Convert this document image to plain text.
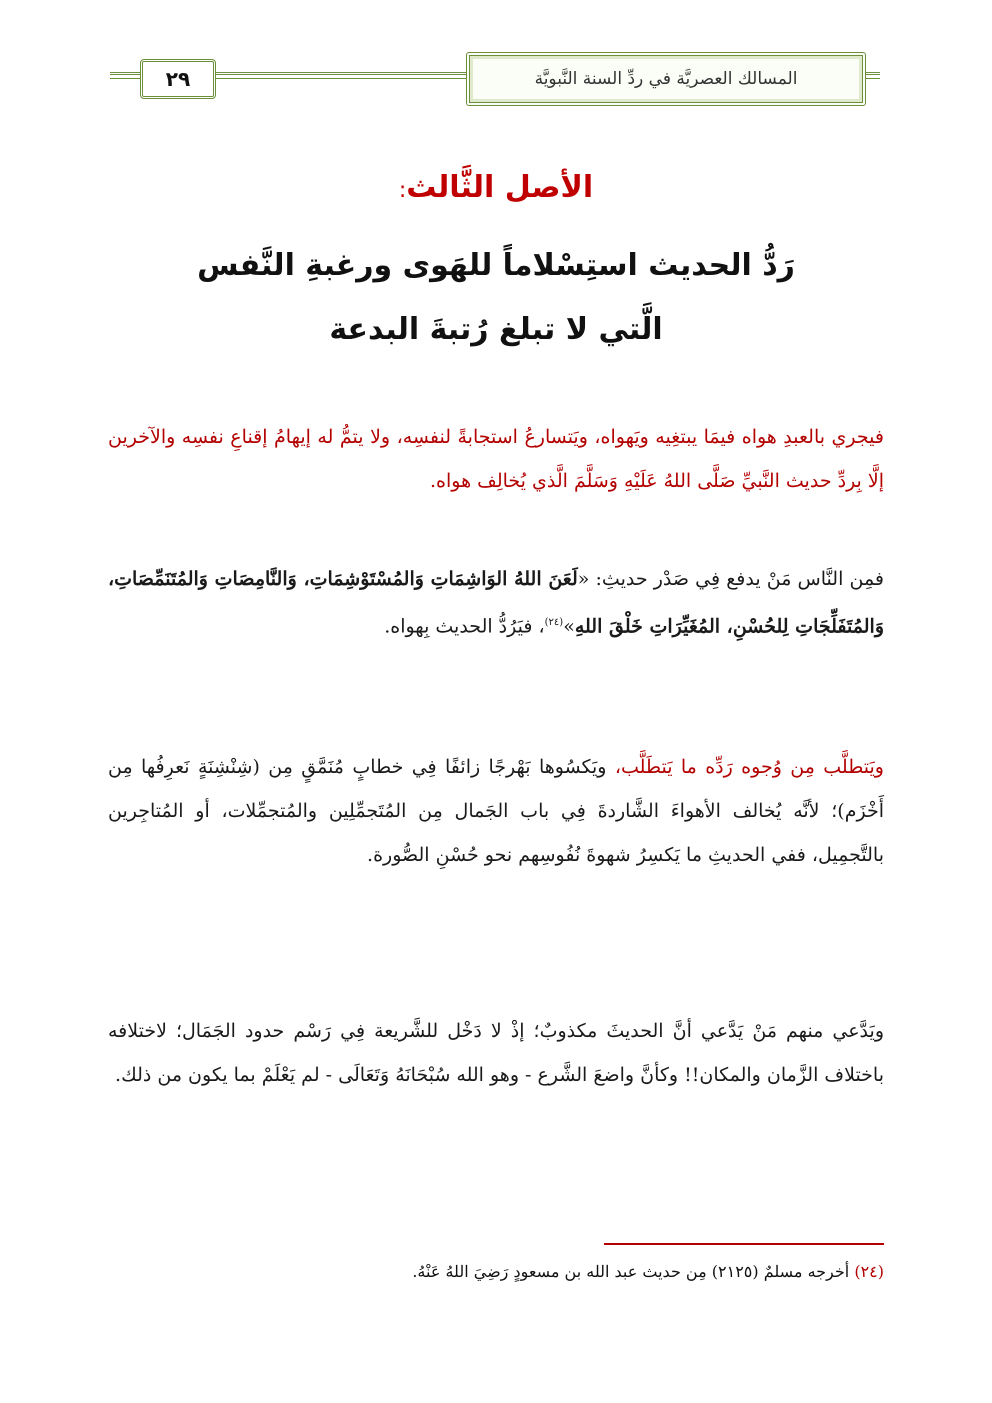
٢٩	المسالك العصريَّة في ردِّ السنة النَّبويَّة
الأصل الثَّالث:
رَدُّ الحديث استِسْلاماً للهَوى ورغبةِ النَّفس
الَّتي لا تبلغ رُتبةَ البدعة
فيجري بالعبدِ هواه فيمَا يبتغِيه ويَهواه، ويَتسارعُ استجابةً لنفسِه، ولا يتمُّ له إيهامُ إقناعِ نفسِه والآخرين إلَّا بِردِّ حديث النَّبيِّ صَلَّى اللهُ عَلَيْهِ وَسَلَّمَ الَّذي يُخالِف هواه.
فمِن النَّاس مَنْ يدفع فِي صَدْر حديثِ: «لَعَنَ اللهُ الوَاشِمَاتِ وَالمُسْتَوْشِمَاتِ، وَالنَّامِصَاتِ وَالمُتَنَمِّصَاتِ، وَالمُتَفَلِّجَاتِ لِلحُسْنِ، المُغَيِّرَاتِ خَلْقَ اللهِ»$^{(٢٤)}$، فيَرُدُّ الحديث بِهواه.
ويَتطلَّب مِن وُجوه رَدِّه ما يَتطَلَّب، ويَكسُوها بَهْرجًا زائفًا فِي خطابٍ مُنَمَّقٍ مِن (شِنْشِنَةٍ نَعرِفُها مِن أَخْزَم)؛ لأنَّه يُخالف الأهواءَ الشَّاردةَ فِي باب الجَمال مِن المُتَجمِّلِين والمُتجمِّلات، أو المُتاجِرين بالتَّجمِيل، ففي الحديثِ ما يَكسِرُ شهوةَ نُفُوسِهم نحو حُسْنِ الصُّورة.
ويَدَّعي منهم مَنْ يَدَّعي أنَّ الحديثَ مكذوبٌ؛ إذْ لا دَخْل للشَّريعة فِي رَسْم حدود الجَمَال؛ لاختلافه باختلاف الزَّمان والمكان!! وكأنَّ واضعَ الشَّرع - وهو الله سُبْحَانَهُ وَتَعَالَى - لم يَعْلَمْ بما يكون من ذلك.
(٢٤) أخرجه مسلمٌ (٢١٢٥) مِن حديث عبد الله بن مسعودٍ رَضِيَ اللهُ عَنْهُ.
